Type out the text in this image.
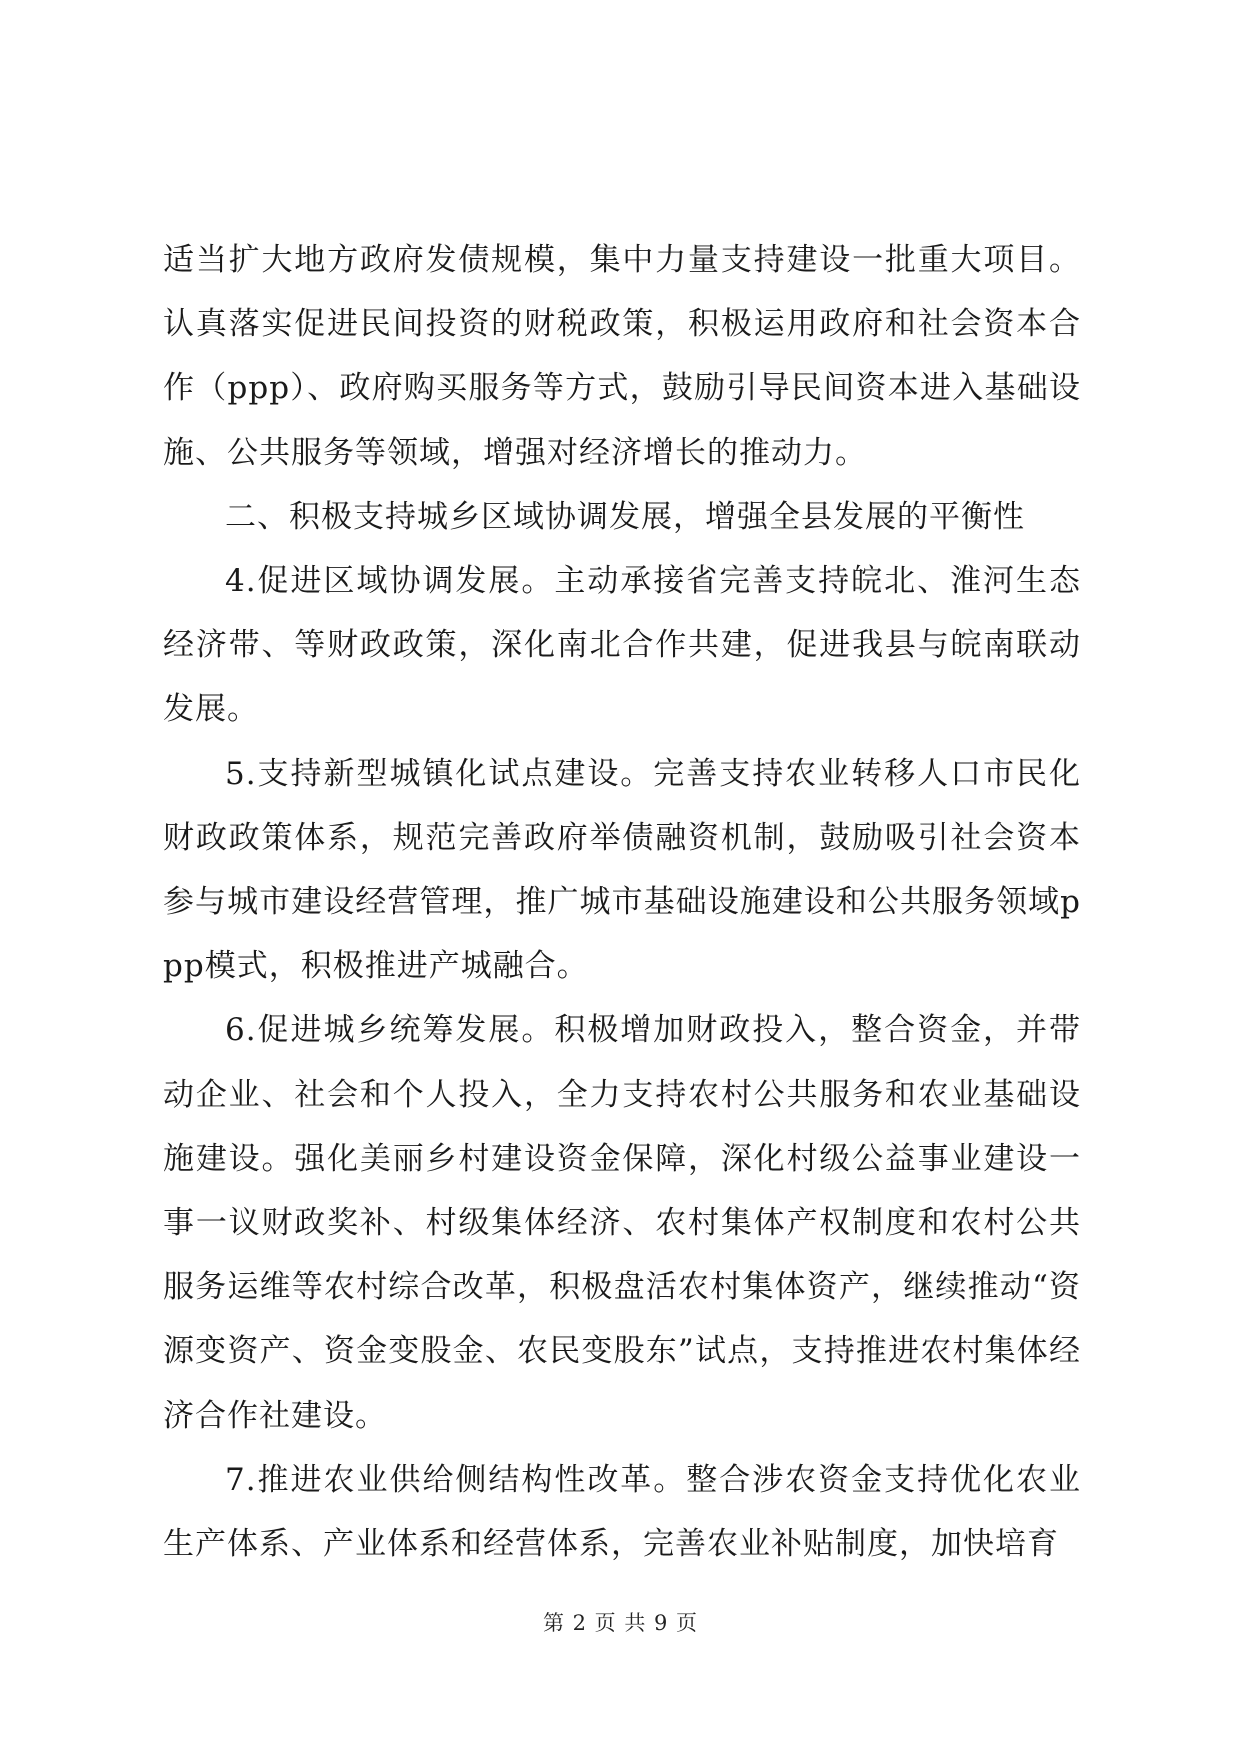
适当扩大地方政府发债规模，集中力量支持建设一批重大项目。认真落实促进民间投资的财税政策，积极运用政府和社会资本合作（ppp）、政府购买服务等方式，鼓励引导民间资本进入基础设施、公共服务等领域，增强对经济增长的推动力。

二、积极支持城乡区域协调发展，增强全县发展的平衡性

4.促进区域协调发展。主动承接省完善支持皖北、淮河生态经济带、等财政政策，深化南北合作共建，促进我县与皖南联动发展。

5.支持新型城镇化试点建设。完善支持农业转移人口市民化财政政策体系，规范完善政府举债融资机制，鼓励吸引社会资本参与城市建设经营管理，推广城市基础设施建设和公共服务领域ppp模式，积极推进产城融合。

6.促进城乡统筹发展。积极增加财政投入，整合资金，并带动企业、社会和个人投入，全力支持农村公共服务和农业基础设施建设。强化美丽乡村建设资金保障，深化村级公益事业建设一事一议财政奖补、村级集体经济、农村集体产权制度和农村公共服务运维等农村综合改革，积极盘活农村集体资产，继续推动“资源变资产、资金变股金、农民变股东”试点，支持推进农村集体经济合作社建设。

7.推进农业供给侧结构性改革。整合涉农资金支持优化农业生产体系、产业体系和经营体系，完善农业补贴制度，加快培育

第 2 页 共 9 页
